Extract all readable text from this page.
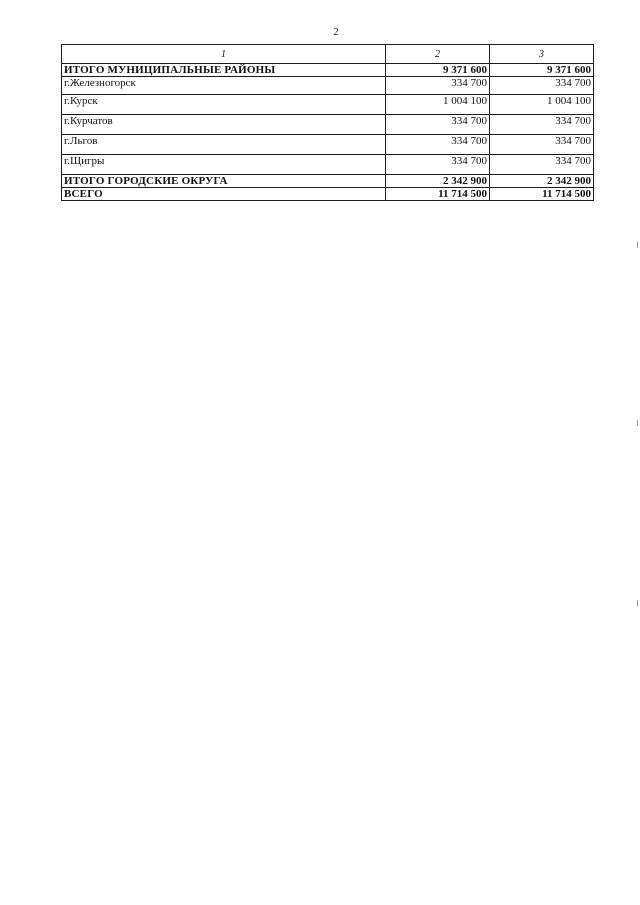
2
1	2	3
ИТОГО МУНИЦИПАЛЬНЫЕ РАЙОНЫ	9 371 600	9 371 600
г.Железногорск	334 700	334 700
г.Курск	1 004 100	1 004 100
г.Курчатов	334 700	334 700
г.Льгов	334 700	334 700
г.Щигры	334 700	334 700
ИТОГО ГОРОДСКИЕ ОКРУГА	2 342 900	2 342 900
ВСЕГО	11 714 500	11 714 500
